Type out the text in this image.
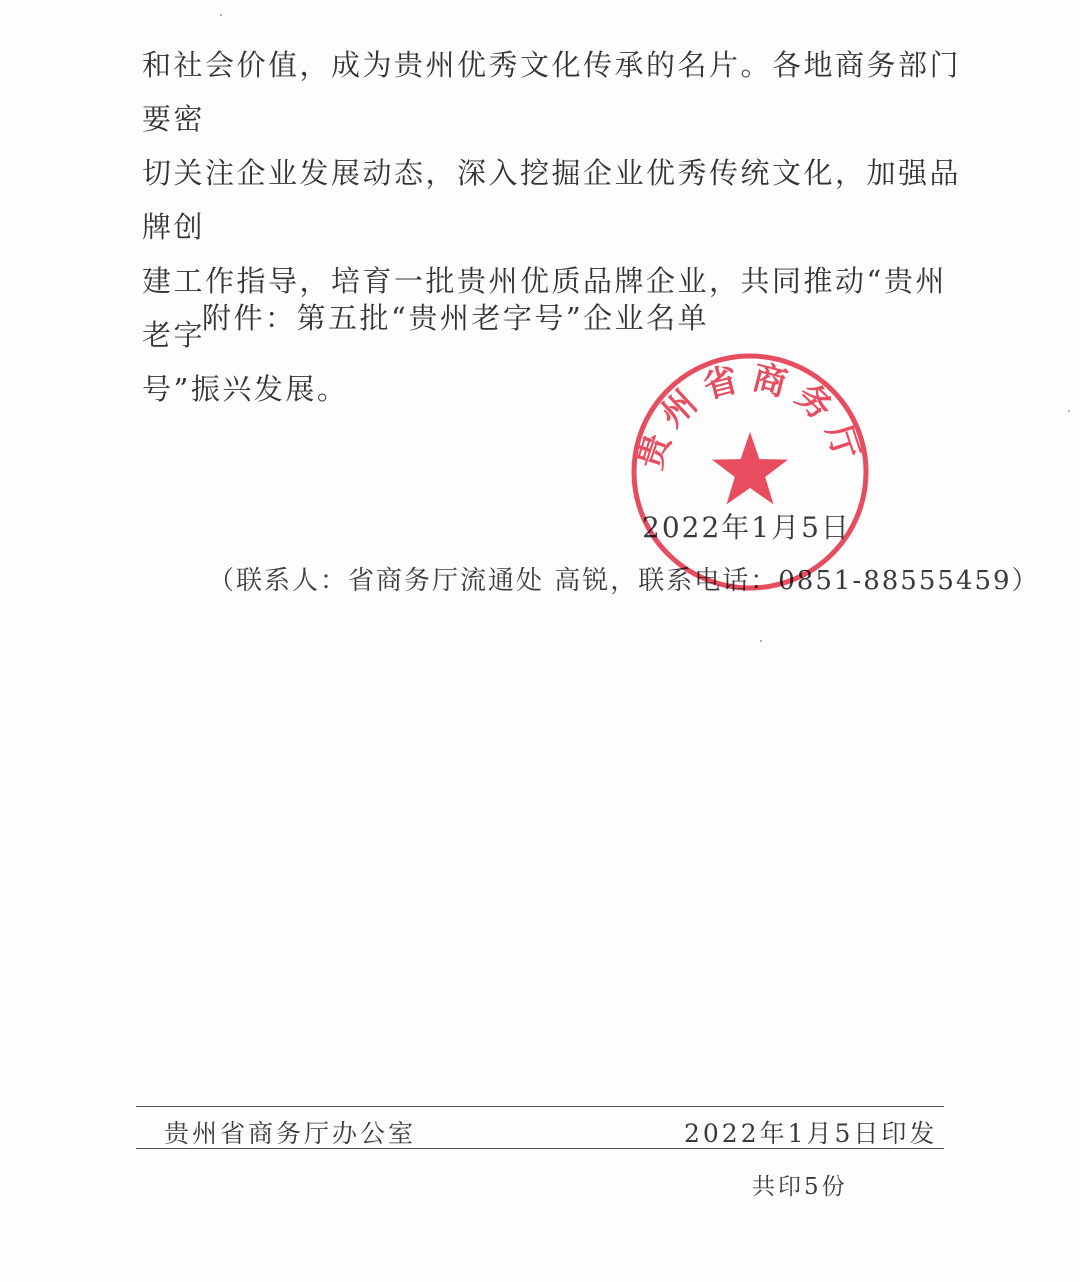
和社会价值，成为贵州优秀文化传承的名片。各地商务部门要密

切关注企业发展动态，深入挖掘企业优秀传统文化，加强品牌创

建工作指导，培育一批贵州优质品牌企业，共同推动“贵州老字

号”振兴发展。

附件：第五批“贵州老字号”企业名单
2022年1月5日
（联系人：省商务厅流通处 高锐，联系电话：0851-88555459）
贵州省商务厅
贵州省商务厅办公室	2022年1月5日印发
共印5份
